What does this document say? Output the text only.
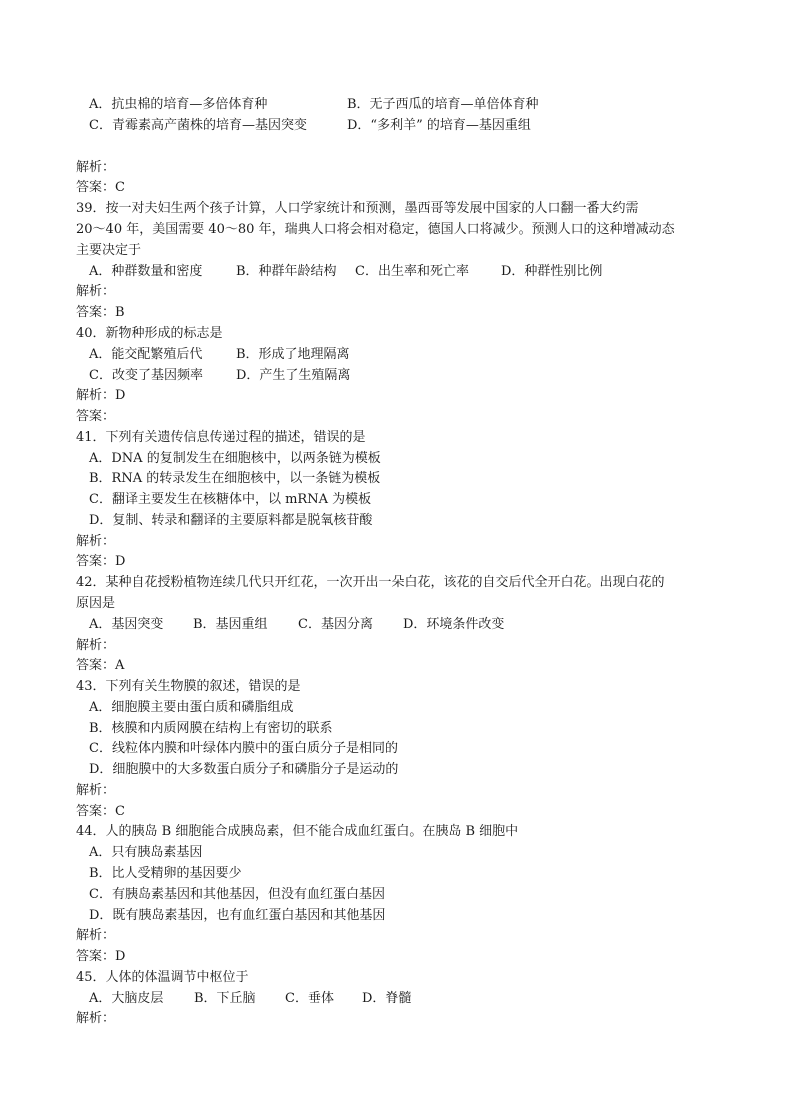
A．抗虫棉的培育—多倍体育种	B．无子西瓜的培育—单倍体育种
C．青霉素高产菌株的培育—基因突变	D．“多利羊” 的培育—基因重组
解析：
答案：C
39．按一对夫妇生两个孩子计算，人口学家统计和预测，墨西哥等发展中国家的人口翻一番大约需
20～40 年，美国需要 40～80 年，瑞典人口将会相对稳定，德国人口将减少。预测人口的这种增减动态
主要决定于
A．种群数量和密度	B．种群年龄结构 C．出生率和死亡率 D．种群性别比例
解析：
答案：B
40．新物种形成的标志是
A．能交配繁殖后代	B．形成了地理隔离
C．改变了基因频率	D．产生了生殖隔离
解析：D
答案：
41．下列有关遗传信息传递过程的描述，错误的是
A．DNA 的复制发生在细胞核中，以两条链为模板
B．RNA 的转录发生在细胞核中，以一条链为模板
C．翻译主要发生在核糖体中，以 mRNA 为模板
D．复制、转录和翻译的主要原料都是脱氧核苷酸
解析：
答案：D
42．某种自花授粉植物连续几代只开红花，一次开出一朵白花，该花的自交后代全开白花。出现白花的
原因是
A．基因突变 B．基因重组 C．基因分离 D．环境条件改变
解析：
答案：A
43．下列有关生物膜的叙述，错误的是
A．细胞膜主要由蛋白质和磷脂组成
B．核膜和内质网膜在结构上有密切的联系
C．线粒体内膜和叶绿体内膜中的蛋白质分子是相同的
D．细胞膜中的大多数蛋白质分子和磷脂分子是运动的
解析：
答案：C
44．人的胰岛 B 细胞能合成胰岛素，但不能合成血红蛋白。在胰岛 B 细胞中
A．只有胰岛素基因
B．比人受精卵的基因要少
C．有胰岛素基因和其他基因，但没有血红蛋白基因
D．既有胰岛素基因，也有血红蛋白基因和其他基因
解析：
答案：D
45．人体的体温调节中枢位于
A．大脑皮层 B．下丘脑 C．垂体 D．脊髓
解析：
